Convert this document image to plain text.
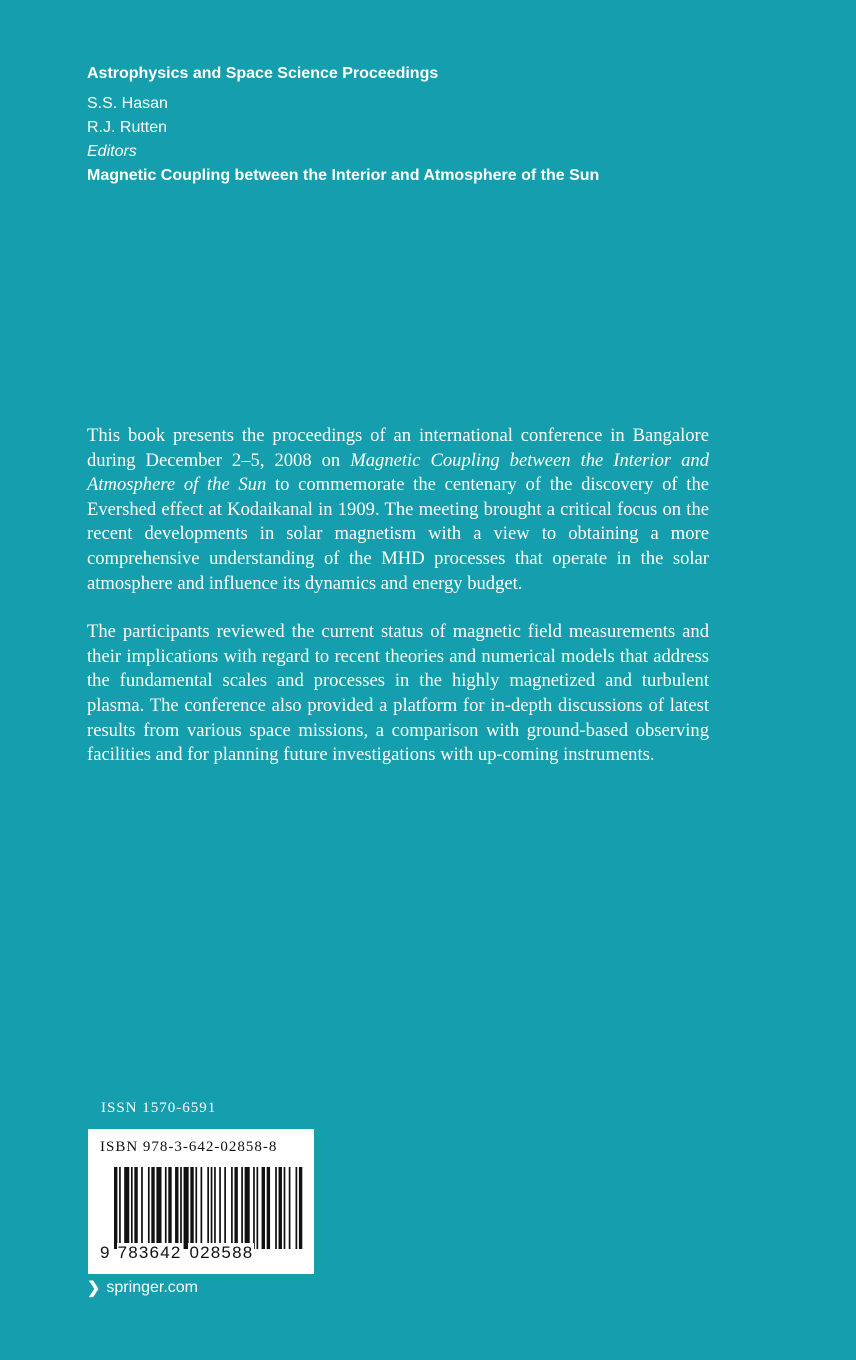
Astrophysics and Space Science Proceedings
S.S. Hasan
R.J. Rutten
Editors
Magnetic Coupling between the Interior and Atmosphere of the Sun

This book presents the proceedings of an international conference in Bangalore during December 2–5, 2008 on Magnetic Coupling between the Interior and Atmosphere of the Sun to commemorate the centenary of the discovery of the Evershed effect at Kodaikanal in 1909. The meeting brought a critical focus on the recent developments in solar magnetism with a view to obtaining a more comprehensive understanding of the MHD processes that operate in the solar atmosphere and influence its dynamics and energy budget.

The participants reviewed the current status of magnetic field measurements and their implications with regard to recent theories and numerical models that address the fundamental scales and processes in the highly magnetized and turbulent plasma. The conference also provided a platform for in-depth discussions of latest results from various space missions, a comparison with ground-based observing facilities and for planning future investigations with up-coming instruments.

ISSN 1570-6591
ISBN 978-3-642-02858-8
9 783642 028588
❯ springer.com
